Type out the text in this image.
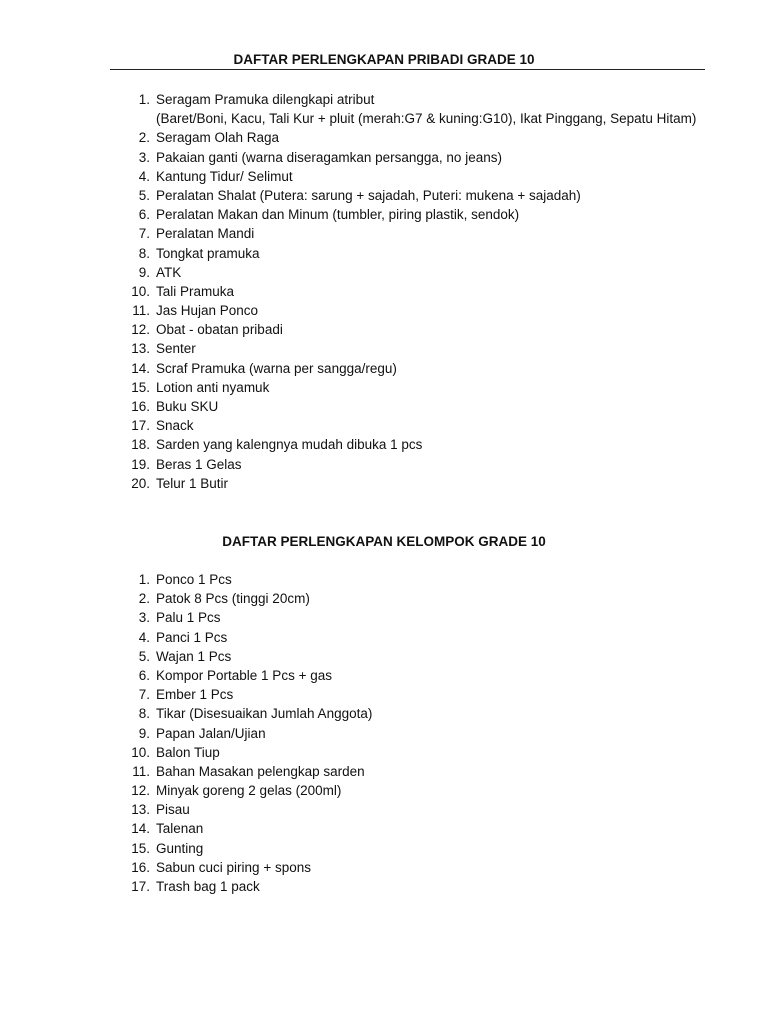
DAFTAR PERLENGKAPAN PRIBADI GRADE 10
1. Seragam Pramuka dilengkapi atribut
(Baret/Boni, Kacu, Tali Kur + pluit (merah:G7 & kuning:G10), Ikat Pinggang, Sepatu Hitam)
2. Seragam Olah Raga
3. Pakaian ganti (warna diseragamkan persangga, no jeans)
4. Kantung Tidur/ Selimut
5. Peralatan Shalat (Putera: sarung + sajadah, Puteri: mukena + sajadah)
6. Peralatan Makan dan Minum (tumbler, piring plastik, sendok)
7. Peralatan Mandi
8. Tongkat pramuka
9. ATK
10. Tali Pramuka
11. Jas Hujan Ponco
12. Obat - obatan pribadi
13. Senter
14. Scraf Pramuka (warna per sangga/regu)
15. Lotion anti nyamuk
16. Buku SKU
17. Snack
18. Sarden yang kalengnya mudah dibuka 1 pcs
19. Beras 1 Gelas
20. Telur 1 Butir
DAFTAR PERLENGKAPAN KELOMPOK GRADE 10
1. Ponco 1 Pcs
2. Patok 8 Pcs (tinggi 20cm)
3. Palu 1 Pcs
4. Panci 1 Pcs
5. Wajan 1 Pcs
6. Kompor Portable 1 Pcs + gas
7. Ember 1 Pcs
8. Tikar (Disesuaikan Jumlah Anggota)
9. Papan Jalan/Ujian
10. Balon Tiup
11. Bahan Masakan pelengkap sarden
12. Minyak goreng 2 gelas (200ml)
13. Pisau
14. Talenan
15. Gunting
16. Sabun cuci piring + spons
17. Trash bag 1 pack
